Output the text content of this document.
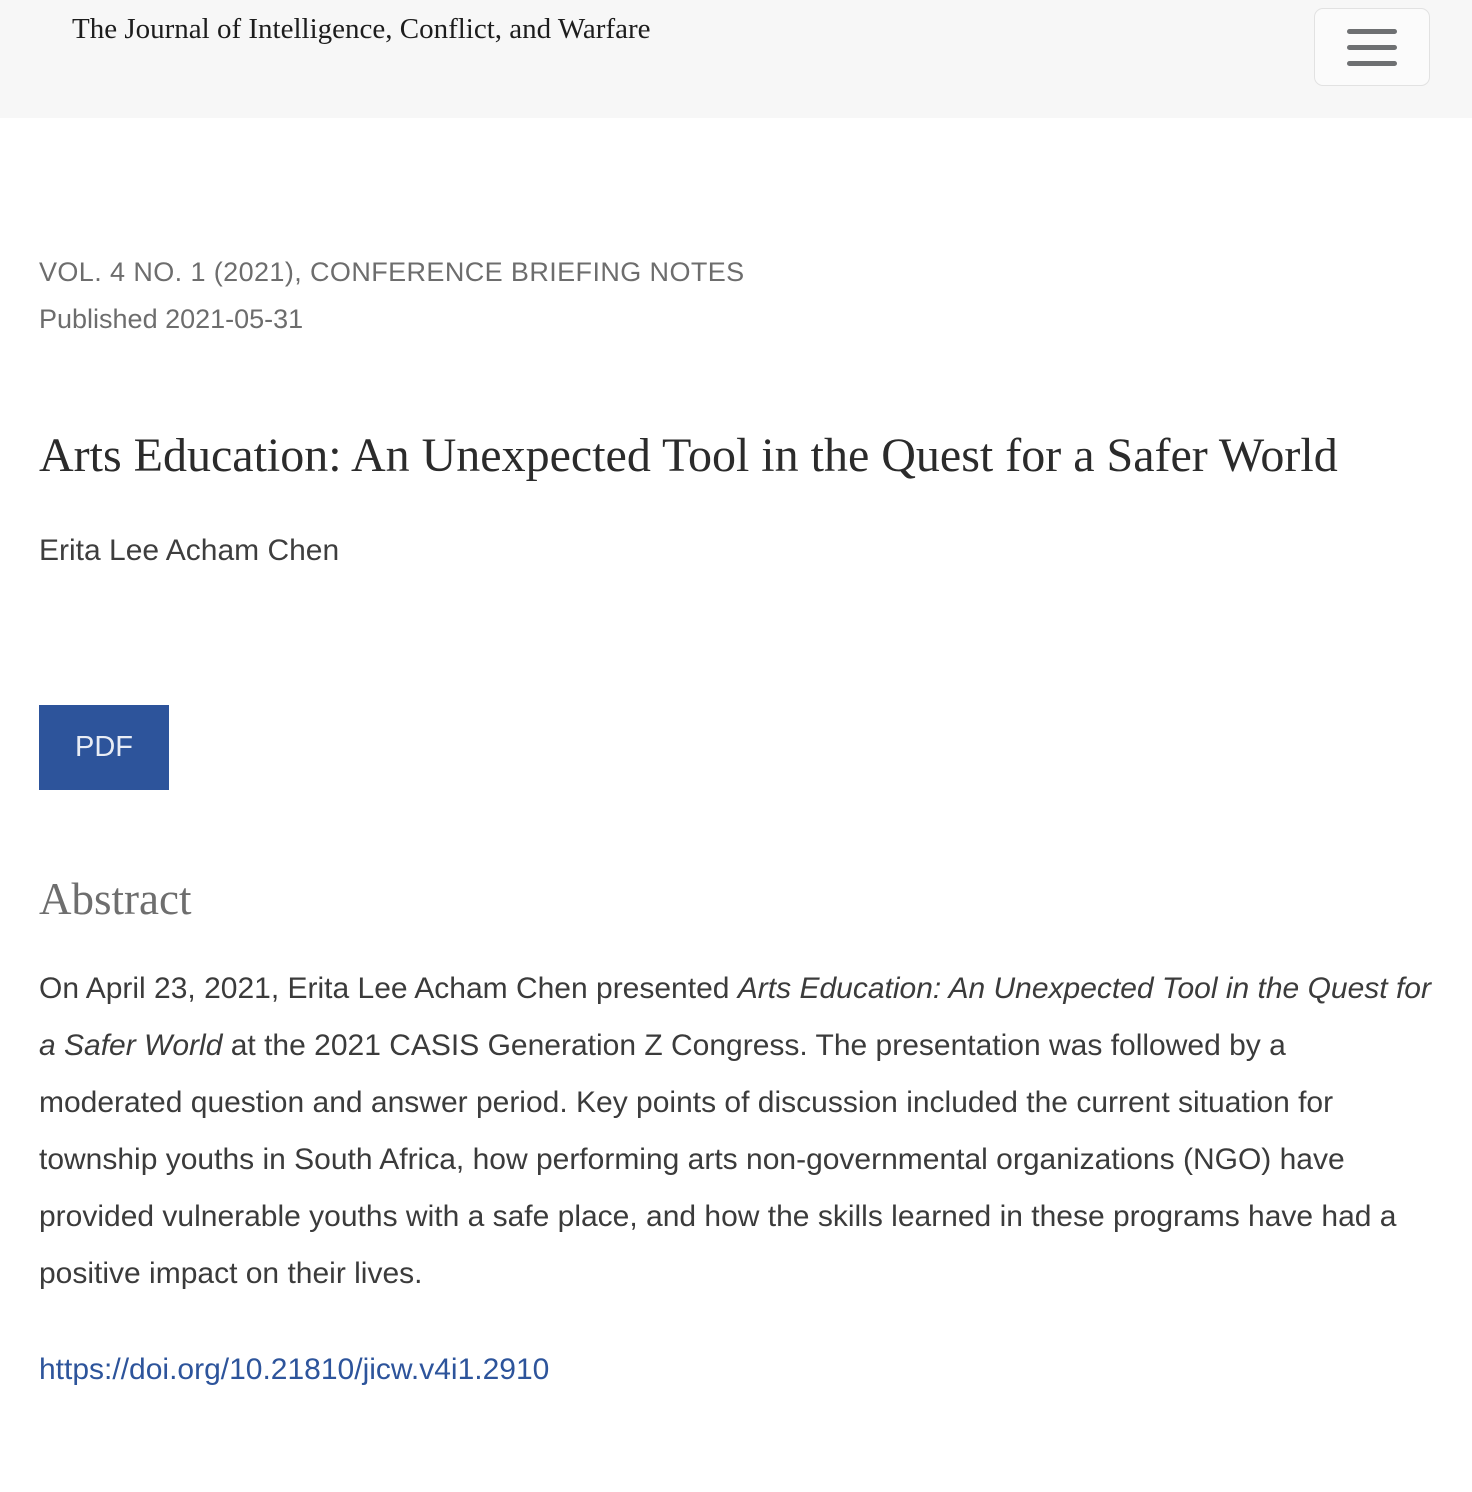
The Journal of Intelligence, Conflict, and Warfare
VOL. 4 NO. 1 (2021), CONFERENCE BRIEFING NOTES
Published 2021-05-31
Arts Education: An Unexpected Tool in the Quest for a Safer World
Erita Lee Acham Chen
PDF
Abstract

On April 23, 2021, Erita Lee Acham Chen presented Arts Education: An Unexpected Tool in the Quest for a Safer World at the 2021 CASIS Generation Z Congress. The presentation was followed by a moderated question and answer period. Key points of discussion included the current situation for township youths in South Africa, how performing arts non-governmental organizations (NGO) have provided vulnerable youths with a safe place, and how the skills learned in these programs have had a positive impact on their lives.

https://doi.org/10.21810/jicw.v4i1.2910
